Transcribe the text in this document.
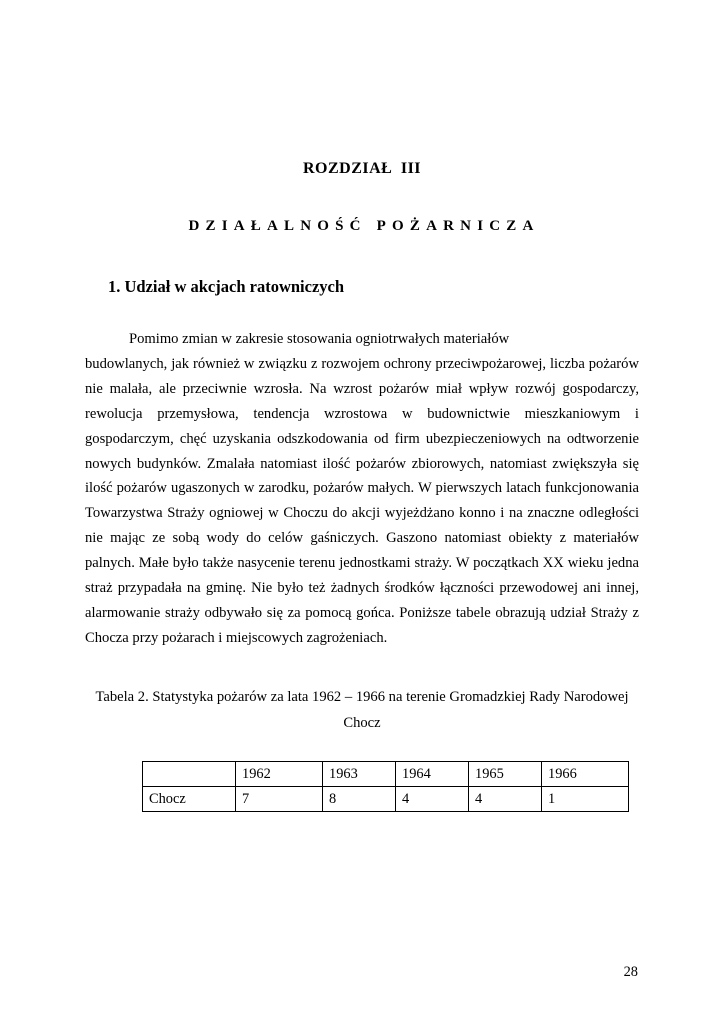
ROZDZIAŁ III
DZIAŁALNOŚĆ POŻARNICZA
1. Udział w akcjach ratowniczych
Pomimo zmian w zakresie stosowania ogniotrwałych materiałów
budowlanych, jak również w związku z rozwojem ochrony przeciwpożarowej, liczba pożarów nie malała, ale przeciwnie wzrosła. Na wzrost pożarów miał wpływ rozwój gospodarczy, rewolucja przemysłowa, tendencja wzrostowa w budownictwie mieszkaniowym i gospodarczym, chęć uzyskania odszkodowania od firm ubezpieczeniowych na odtworzenie nowych budynków. Zmalała natomiast ilość pożarów zbiorowych, natomiast zwiększyła się ilość pożarów ugaszonych w zarodku, pożarów małych. W pierwszych latach funkcjonowania Towarzystwa Straży ogniowej w Choczu do akcji wyjeżdżano konno i na znaczne odległości nie mając ze sobą wody do celów gaśniczych. Gaszono natomiast obiekty z materiałów palnych. Małe było także nasycenie terenu jednostkami straży. W początkach XX wieku jedna straż przypadała na gminę. Nie było też żadnych środków łączności przewodowej ani innej, alarmowanie straży odbywało się za pomocą gońca. Poniższe tabele obrazują udział Straży z Chocza przy pożarach i miejscowych zagrożeniach.
Tabela 2. Statystyka pożarów za lata 1962 – 1966 na terenie Gromadzkiej Rady Narodowej
Chocz
	1962	1963	1964	1965	1966
Chocz	7	8	4	4	1
28
